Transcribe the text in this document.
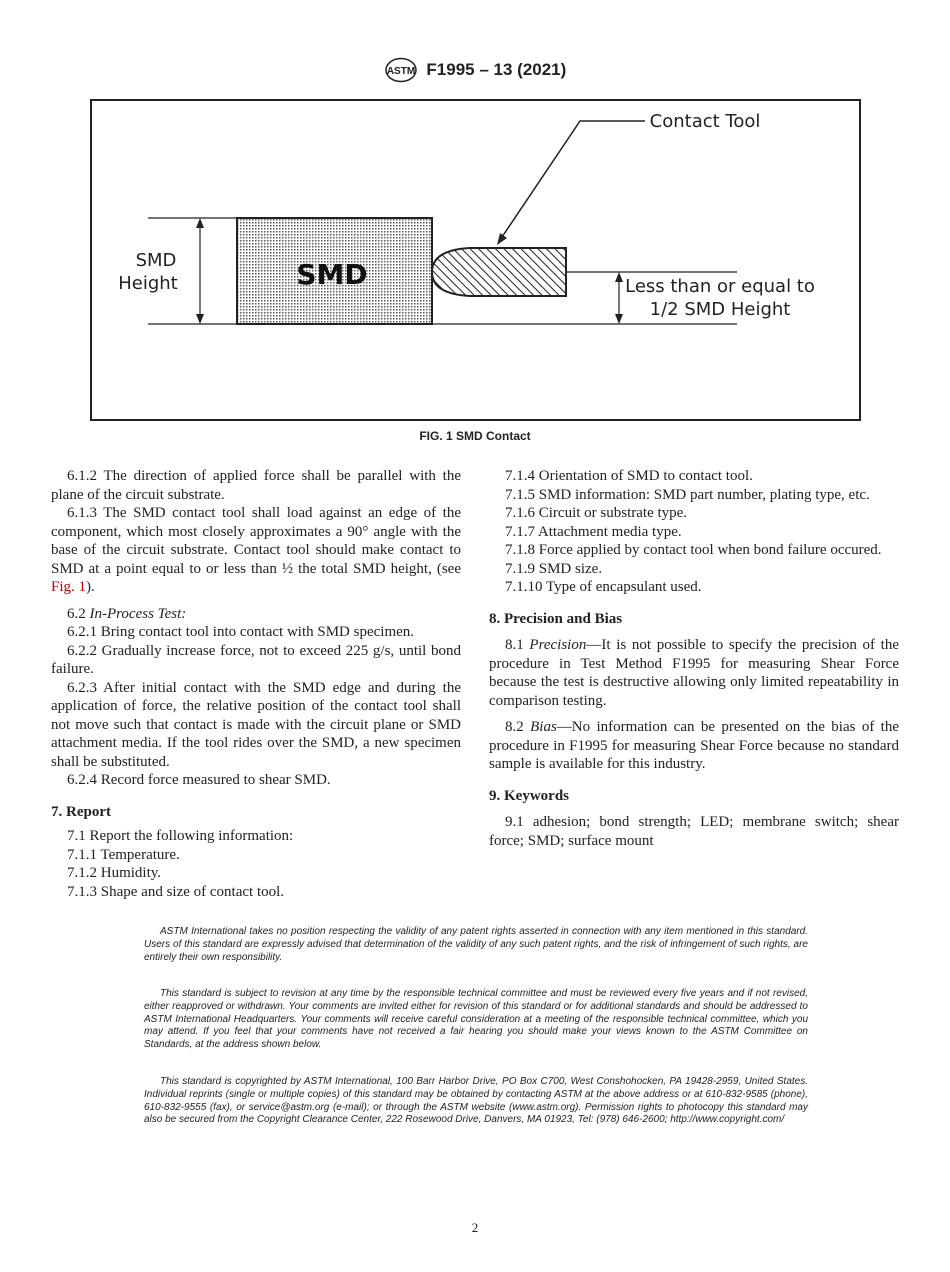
ASTM F1995 – 13 (2021)
SMD
Contact Tool
SMD
Height	Less than or equal to
1/2 SMD Height
FIG. 1 SMD Contact

6.1.2 The direction of applied force shall be parallel with the plane of the circuit substrate.

6.1.3 The SMD contact tool shall load against an edge of the component, which most closely approximates a 90° angle with the base of the circuit substrate. Contact tool should make contact to SMD at a point equal to or less than ½ the total SMD height, (see Fig. 1).

6.2 In-Process Test:

6.2.1 Bring contact tool into contact with SMD specimen.

6.2.2 Gradually increase force, not to exceed 225 g/s, until bond failure.

6.2.3 After initial contact with the SMD edge and during the application of force, the relative position of the contact tool shall not move such that contact is made with the circuit plane or SMD attachment media. If the tool rides over the SMD, a new specimen shall be substituted.

6.2.4 Record force measured to shear SMD.

7. Report

7.1 Report the following information:

7.1.1 Temperature.

7.1.2 Humidity.

7.1.3 Shape and size of contact tool.

7.1.4 Orientation of SMD to contact tool.

7.1.5 SMD information: SMD part number, plating type, etc.

7.1.6 Circuit or substrate type.

7.1.7 Attachment media type.

7.1.8 Force applied by contact tool when bond failure occured.

7.1.9 SMD size.

7.1.10 Type of encapsulant used.

8. Precision and Bias

8.1 Precision—It is not possible to specify the precision of the procedure in Test Method F1995 for measuring Shear Force because the test is destructive allowing only limited repeatability in comparison testing.

8.2 Bias—No information can be presented on the bias of the procedure in F1995 for measuring Shear Force because no standard sample is available for this industry.

9. Keywords

9.1 adhesion; bond strength; LED; membrane switch; shear force; SMD; surface mount

ASTM International takes no position respecting the validity of any patent rights asserted in connection with any item mentioned in this standard. Users of this standard are expressly advised that determination of the validity of any such patent rights, and the risk of infringement of such rights, are entirely their own responsibility.

This standard is subject to revision at any time by the responsible technical committee and must be reviewed every five years and if not revised, either reapproved or withdrawn. Your comments are invited either for revision of this standard or for additional standards and should be addressed to ASTM International Headquarters. Your comments will receive careful consideration at a meeting of the responsible technical committee, which you may attend. If you feel that your comments have not received a fair hearing you should make your views known to the ASTM Committee on Standards, at the address shown below.

This standard is copyrighted by ASTM International, 100 Barr Harbor Drive, PO Box C700, West Conshohocken, PA 19428-2959, United States. Individual reprints (single or multiple copies) of this standard may be obtained by contacting ASTM at the above address or at 610-832-9585 (phone), 610-832-9555 (fax), or service@astm.org (e-mail); or through the ASTM website (www.astm.org). Permission rights to photocopy this standard may also be secured from the Copyright Clearance Center, 222 Rosewood Drive, Danvers, MA 01923, Tel: (978) 646-2600; http://www.copyright.com/

2
